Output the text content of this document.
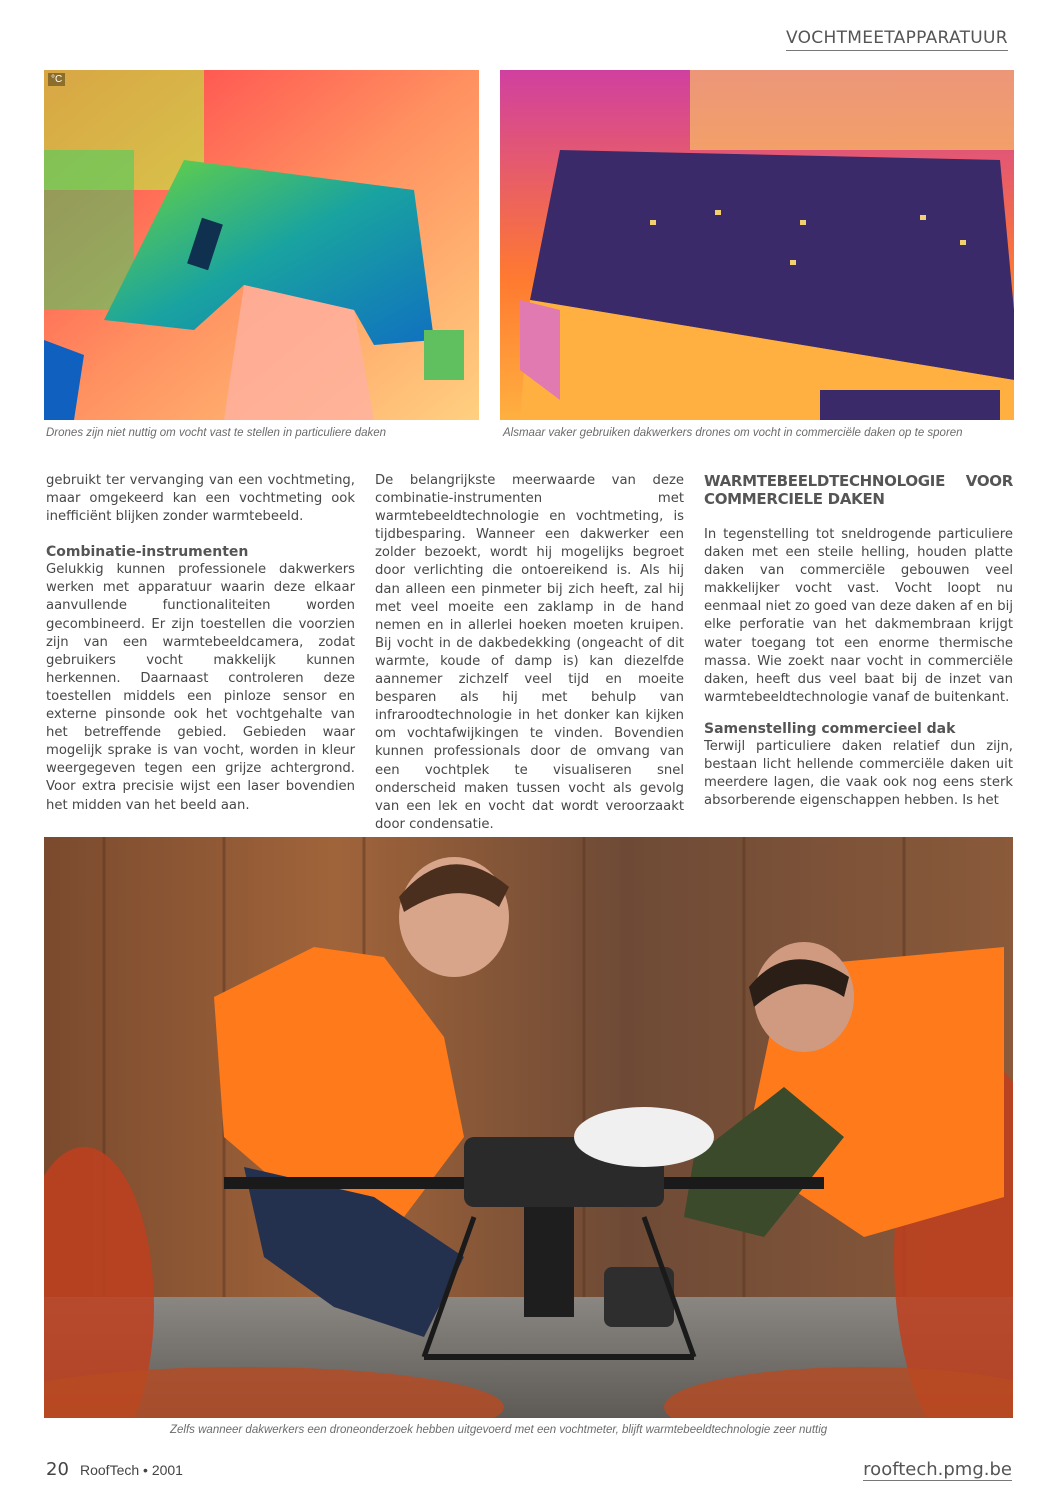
VOCHTMEETAPPARATUUR
°C
Drones zijn niet nuttig om vocht vast te stellen in particuliere daken	Alsmaar vaker gebruiken dakwerkers drones om vocht in commerciële daken op te sporen

gebruikt ter vervanging van een vochtmeting, maar omgekeerd kan een vochtmeting ook inefficiënt blijken zonder warmtebeeld.

Combinatie-instrumenten

Gelukkig kunnen professionele dakwerkers werken met apparatuur waarin deze elkaar aanvullende functionaliteiten worden gecombineerd. Er zijn toestellen die voorzien zijn van een warmtebeeldcamera, zodat gebruikers vocht makkelijk kunnen herkennen. Daarnaast controleren deze toestellen middels een pinloze sensor en externe pinsonde ook het vochtgehalte van het betreffende gebied. Gebieden waar mogelijk sprake is van vocht, worden in kleur weergegeven tegen een grijze achtergrond. Voor extra precisie wijst een laser bovendien het midden van het beeld aan.

De belangrijkste meerwaarde van deze combinatie-instrumenten met warmtebeeldtechnologie en vochtmeting, is tijdbesparing. Wanneer een dakwerker een zolder bezoekt, wordt hij mogelijks begroet door verlichting die ontoereikend is. Als hij dan alleen een pinmeter bij zich heeft, zal hij met veel moeite een zaklamp in de hand nemen en in allerlei hoeken moeten kruipen. Bij vocht in de dakbedekking (ongeacht of dit warmte, koude of damp is) kan diezelfde aannemer zichzelf veel tijd en moeite besparen als hij met behulp van infraroodtechnologie in het donker kan kijken om vochtafwijkingen te vinden. Bovendien kunnen professionals door de omvang van een vochtplek te visualiseren snel onderscheid maken tussen vocht als gevolg van een lek en vocht dat wordt veroorzaakt door condensatie.

WARMTEBEELDTECHNOLOGIE VOOR COMMERCIELE DAKEN

In tegenstelling tot sneldrogende particuliere daken met een steile helling, houden platte daken van commerciële gebouwen veel makkelijker vocht vast. Vocht loopt nu eenmaal niet zo goed van deze daken af en bij elke perforatie van het dakmembraan krijgt water toegang tot een enorme thermische massa. Wie zoekt naar vocht in commerciële daken, heeft dus veel baat bij de inzet van warmtebeeldtechnologie vanaf de buitenkant.

Samenstelling commercieel dak

Terwijl particuliere daken relatief dun zijn, bestaan licht hellende commerciële daken uit meerdere lagen, die vaak ook nog eens sterk absorberende eigenschappen hebben. Is het

Zelfs wanneer dakwerkers een droneonderzoek hebben uitgevoerd met een vochtmeter, blijft warmtebeeldtechnologie zeer nuttig
20 RoofTech • 2001	rooftech.pmg.be
